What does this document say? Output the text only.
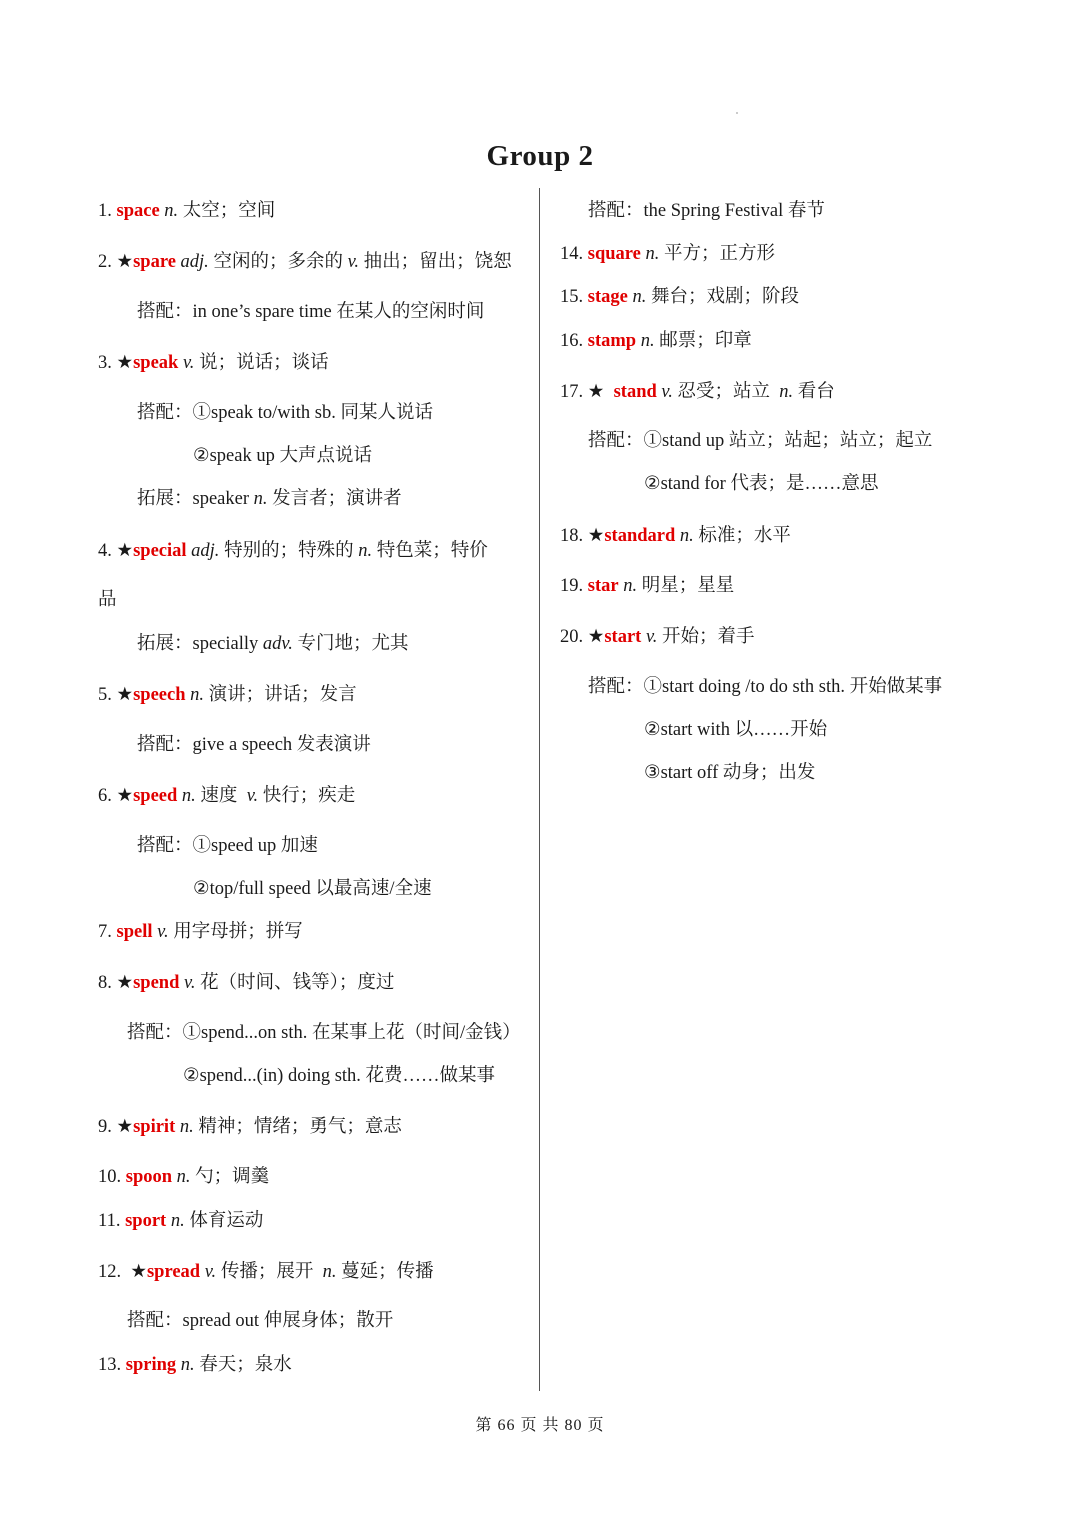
Group 2
1. space n. 太空；空间
2. ★spare adj. 空闲的；多余的 v. 抽出；留出；饶恕
搭配：in one’s spare time 在某人的空闲时间
3. ★speak v. 说；说话；谈话
搭配：①speak to/with sb. 同某人说话
②speak up 大声点说话
拓展：speaker n. 发言者；演讲者
4. ★special adj. 特别的；特殊的 n. 特色菜；特价
品
拓展：specially adv. 专门地；尤其
5. ★speech n. 演讲；讲话；发言
搭配：give a speech 发表演讲
6. ★speed n. 速度 v. 快行；疾走
搭配：①speed up 加速
②top/full speed 以最高速/全速
7. spell v. 用字母拼；拼写
8. ★spend v. 花（时间、钱等）；度过
搭配：①spend...on sth. 在某事上花（时间/金钱）
②spend...(in) doing sth. 花费……做某事
9. ★spirit n. 精神；情绪；勇气；意志
10. spoon n. 勺；调羹
11. sport n. 体育运动
12. ★spread v. 传播；展开 n. 蔓延；传播
搭配：spread out 伸展身体；散开
13. spring n. 春天；泉水
搭配：the Spring Festival 春节
14. square n. 平方；正方形
15. stage n. 舞台；戏剧；阶段
16. stamp n. 邮票；印章
17. ★ stand v. 忍受；站立 n. 看台
搭配：①stand up 站立；站起；站立；起立
②stand for 代表；是……意思
18. ★standard n. 标准；水平
19. star n. 明星；星星
20. ★start v. 开始；着手
搭配：①start doing /to do sth sth. 开始做某事
②start with 以……开始
③start off 动身；出发
第 66 页 共 80 页
